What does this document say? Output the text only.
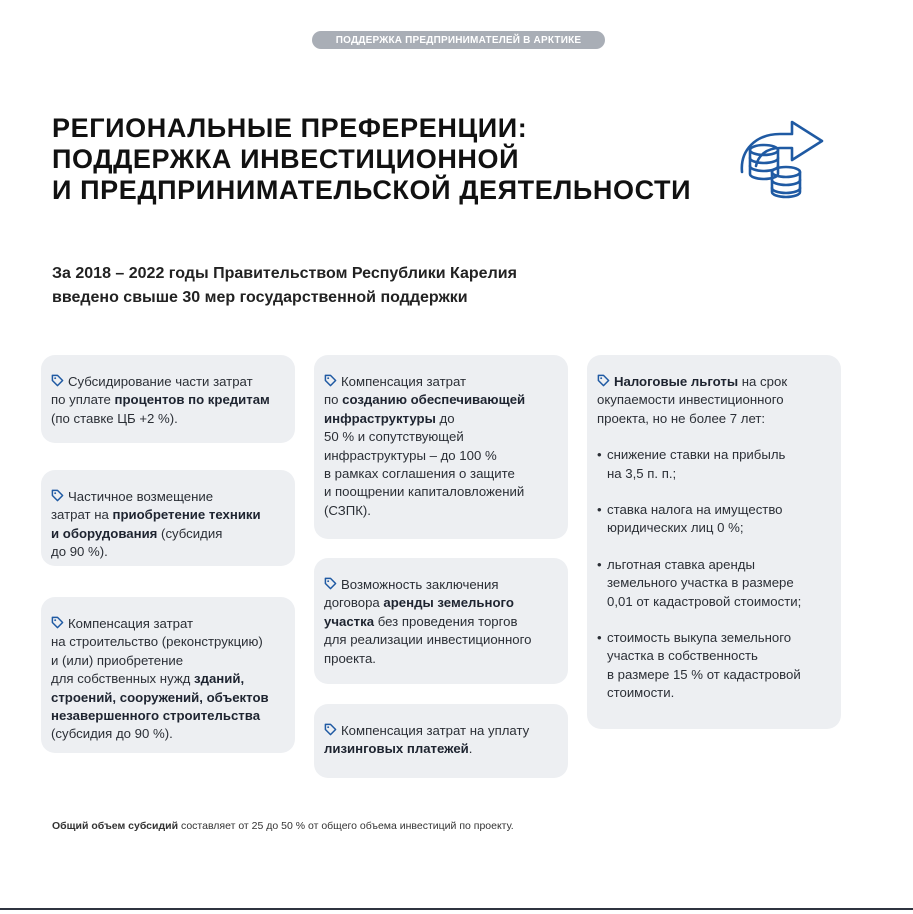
ПОДДЕРЖКА ПРЕДПРИНИМАТЕЛЕЙ В АРКТИКЕ
РЕГИОНАЛЬНЫЕ ПРЕФЕРЕНЦИИ:
ПОДДЕРЖКА ИНВЕСТИЦИОННОЙ
И ПРЕДПРИНИМАТЕЛЬСКОЙ ДЕЯТЕЛЬНОСТИ

За 2018 – 2022 годы Правительством Республики Карелия
введено свыше 30 мер государственной поддержки

Субсидирование части затрат
по уплате процентов по кредитам
(по ставке ЦБ +2 %).

Частичное возмещение
затрат на приобретение техники
и оборудования (субсидия
до 90 %).

Компенсация затрат
на строительство (реконструкцию)
и (или) приобретение
для собственных нужд зданий,
строений, сооружений, объектов
незавершенного строительства
(субсидия до 90 %).

Компенсация затрат
по созданию обеспечивающей
инфраструктуры до
50 % и сопутствующей
инфраструктуры – до 100 %
в рамках соглашения о защите
и поощрении капиталовложений
(СЗПК).

Возможность заключения
договора аренды земельного
участка без проведения торгов
для реализации инвестиционного
проекта.

Компенсация затрат на уплату
лизинговых платежей.

Налоговые льготы на срок
окупаемости инвестиционного
проекта, но не более 7 лет:

• снижение ставки на прибыль
на 3,5 п. п.;
• ставка налога на имущество
юридических лиц 0 %;
• льготная ставка аренды
земельного участка в размере
0,01 от кадастровой стоимости;
• стоимость выкупа земельного
участка в собственность
в размере 15 % от кадастровой
стоимости.

Общий объем субсидий составляет от 25 до 50 % от общего объема инвестиций по проекту.
